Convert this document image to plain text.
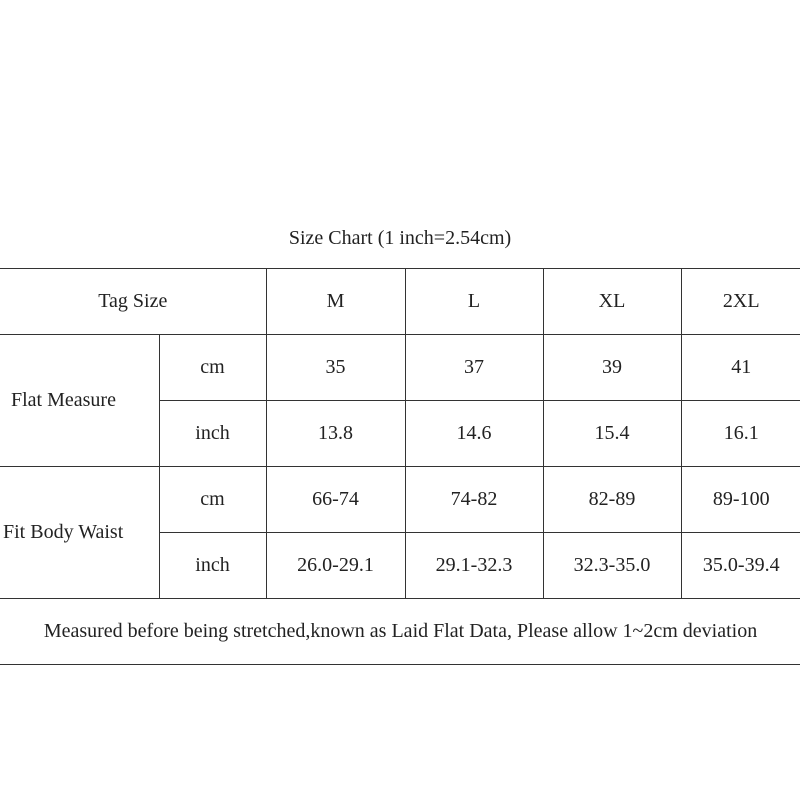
Size Chart (1 inch=2.54cm)
Tag Size		M	L	XL	2XL
Flat Measure	cm	35	37	39	41
	inch	13.8	14.6	15.4	16.1
Fit Body Waist	cm	66-74	74-82	82-89	89-100
	inch	26.0-29.1	29.1-32.3	32.3-35.0	35.0-39.4
Measured before being stretched,known as Laid Flat Data, Please allow 1~2cm deviation					
